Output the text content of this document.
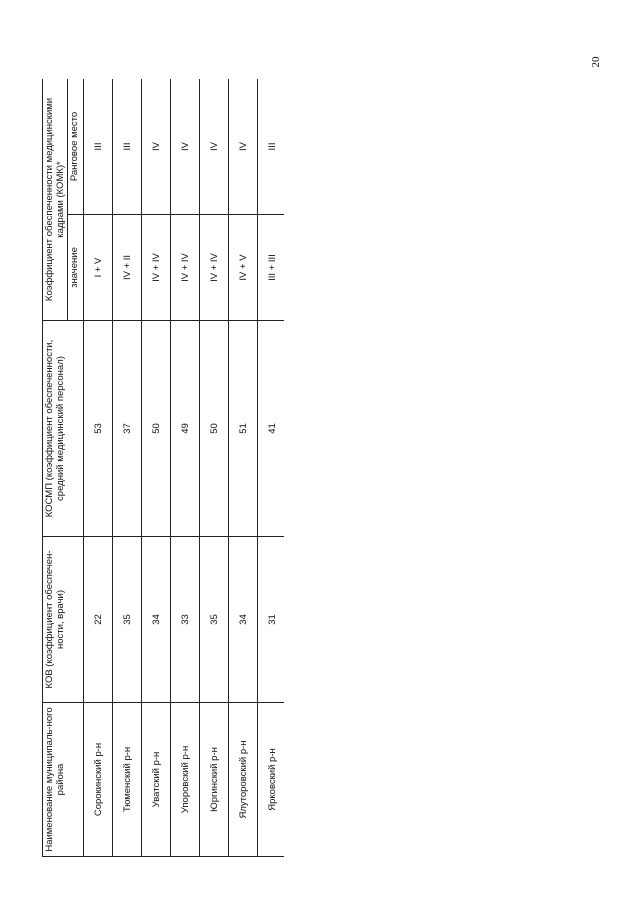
20
Наименование муниципаль-ного района	КОВ (коэффициент обеспечен-ности, врачи)	КОСМП (коэффициент обеспеченности, средний медицинский персонал)	Коэффициент обеспеченности медицинскими кадрами (КОМК)*	
			значение	Ранговое место
Сорокинский р-н	22	53	I + V	III
Тюменский р-н	35	37	IV + II	III
Уватский р-н	34	50	IV + IV	IV
Упоровский р-н	33	49	IV + IV	IV
Юргинский р-н	35	50	IV + IV	IV
Ялуторовский р-н	34	51	IV + V	IV
Ярковский р-н	31	41	III + III	III
